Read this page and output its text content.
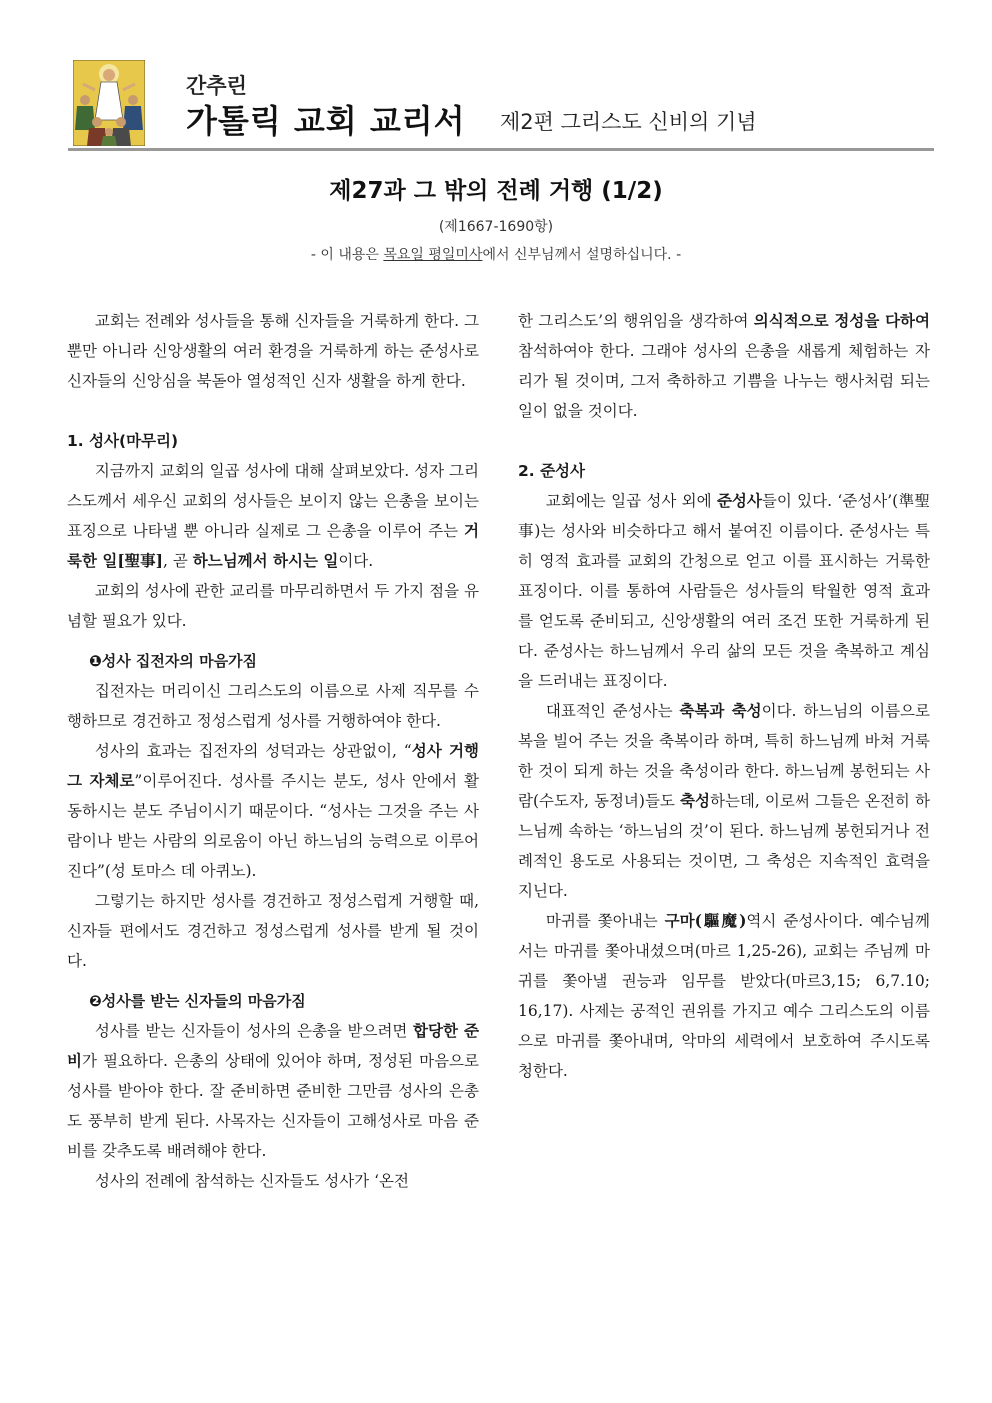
간추린
가톨릭 교회 교리서 제2편 그리스도 신비의 기념
제27과 그 밖의 전례 거행 (1/2)
(제1667-1690항)
- 이 내용은 목요일 평일미사에서 신부님께서 설명하십니다. -

교회는 전례와 성사들을 통해 신자들을 거룩하게 한다. 그뿐만 아니라 신앙생활의 여러 환경을 거룩하게 하는 준성사로 신자들의 신앙심을 북돋아 열성적인 신자 생활을 하게 한다.

1. 성사(마무리)

지금까지 교회의 일곱 성사에 대해 살펴보았다. 성자 그리스도께서 세우신 교회의 성사들은 보이지 않는 은총을 보이는 표징으로 나타낼 뿐 아니라 실제로 그 은총을 이루어 주는 거룩한 일[聖事], 곧 하느님께서 하시는 일이다.

교회의 성사에 관한 교리를 마무리하면서 두 가지 점을 유념할 필요가 있다.

❶성사 집전자의 마음가짐

집전자는 머리이신 그리스도의 이름으로 사제 직무를 수행하므로 경건하고 정성스럽게 성사를 거행하여야 한다.

성사의 효과는 집전자의 성덕과는 상관없이, “성사 거행 그 자체로”이루어진다. 성사를 주시는 분도, 성사 안에서 활동하시는 분도 주님이시기 때문이다. “성사는 그것을 주는 사람이나 받는 사람의 의로움이 아닌 하느님의 능력으로 이루어진다”(성 토마스 데 아퀴노).

그렇기는 하지만 성사를 경건하고 정성스럽게 거행할 때, 신자들 편에서도 경건하고 정성스럽게 성사를 받게 될 것이다.

❷성사를 받는 신자들의 마음가짐

성사를 받는 신자들이 성사의 은총을 받으려면 합당한 준비가 필요하다. 은총의 상태에 있어야 하며, 정성된 마음으로 성사를 받아야 한다. 잘 준비하면 준비한 그만큼 성사의 은총도 풍부히 받게 된다. 사목자는 신자들이 고해성사로 마음 준비를 갖추도록 배려해야 한다.

성사의 전례에 참석하는 신자들도 성사가 ‘온전

한 그리스도’의 행위임을 생각하여 의식적으로 정성을 다하여 참석하여야 한다. 그래야 성사의 은총을 새롭게 체험하는 자리가 될 것이며, 그저 축하하고 기쁨을 나누는 행사처럼 되는 일이 없을 것이다.

2. 준성사

교회에는 일곱 성사 외에 준성사들이 있다. ‘준성사’(準聖事)는 성사와 비슷하다고 해서 붙여진 이름이다. 준성사는 특히 영적 효과를 교회의 간청으로 얻고 이를 표시하는 거룩한 표징이다. 이를 통하여 사람들은 성사들의 탁월한 영적 효과를 얻도록 준비되고, 신앙생활의 여러 조건 또한 거룩하게 된다. 준성사는 하느님께서 우리 삶의 모든 것을 축복하고 계심을 드러내는 표징이다.

대표적인 준성사는 축복과 축성이다. 하느님의 이름으로 복을 빌어 주는 것을 축복이라 하며, 특히 하느님께 바쳐 거룩한 것이 되게 하는 것을 축성이라 한다. 하느님께 봉헌되는 사람(수도자, 동정녀)들도 축성하는데, 이로써 그들은 온전히 하느님께 속하는 ‘하느님의 것’이 된다. 하느님께 봉헌되거나 전례적인 용도로 사용되는 것이면, 그 축성은 지속적인 효력을 지닌다.

마귀를 쫓아내는 구마(驅魔)역시 준성사이다. 예수님께서는 마귀를 쫓아내셨으며(마르 1,25-26), 교회는 주님께 마귀를 쫓아낼 권능과 임무를 받았다(마르3,15; 6,7.10; 16,17). 사제는 공적인 권위를 가지고 예수 그리스도의 이름으로 마귀를 쫓아내며, 악마의 세력에서 보호하여 주시도록 청한다.
